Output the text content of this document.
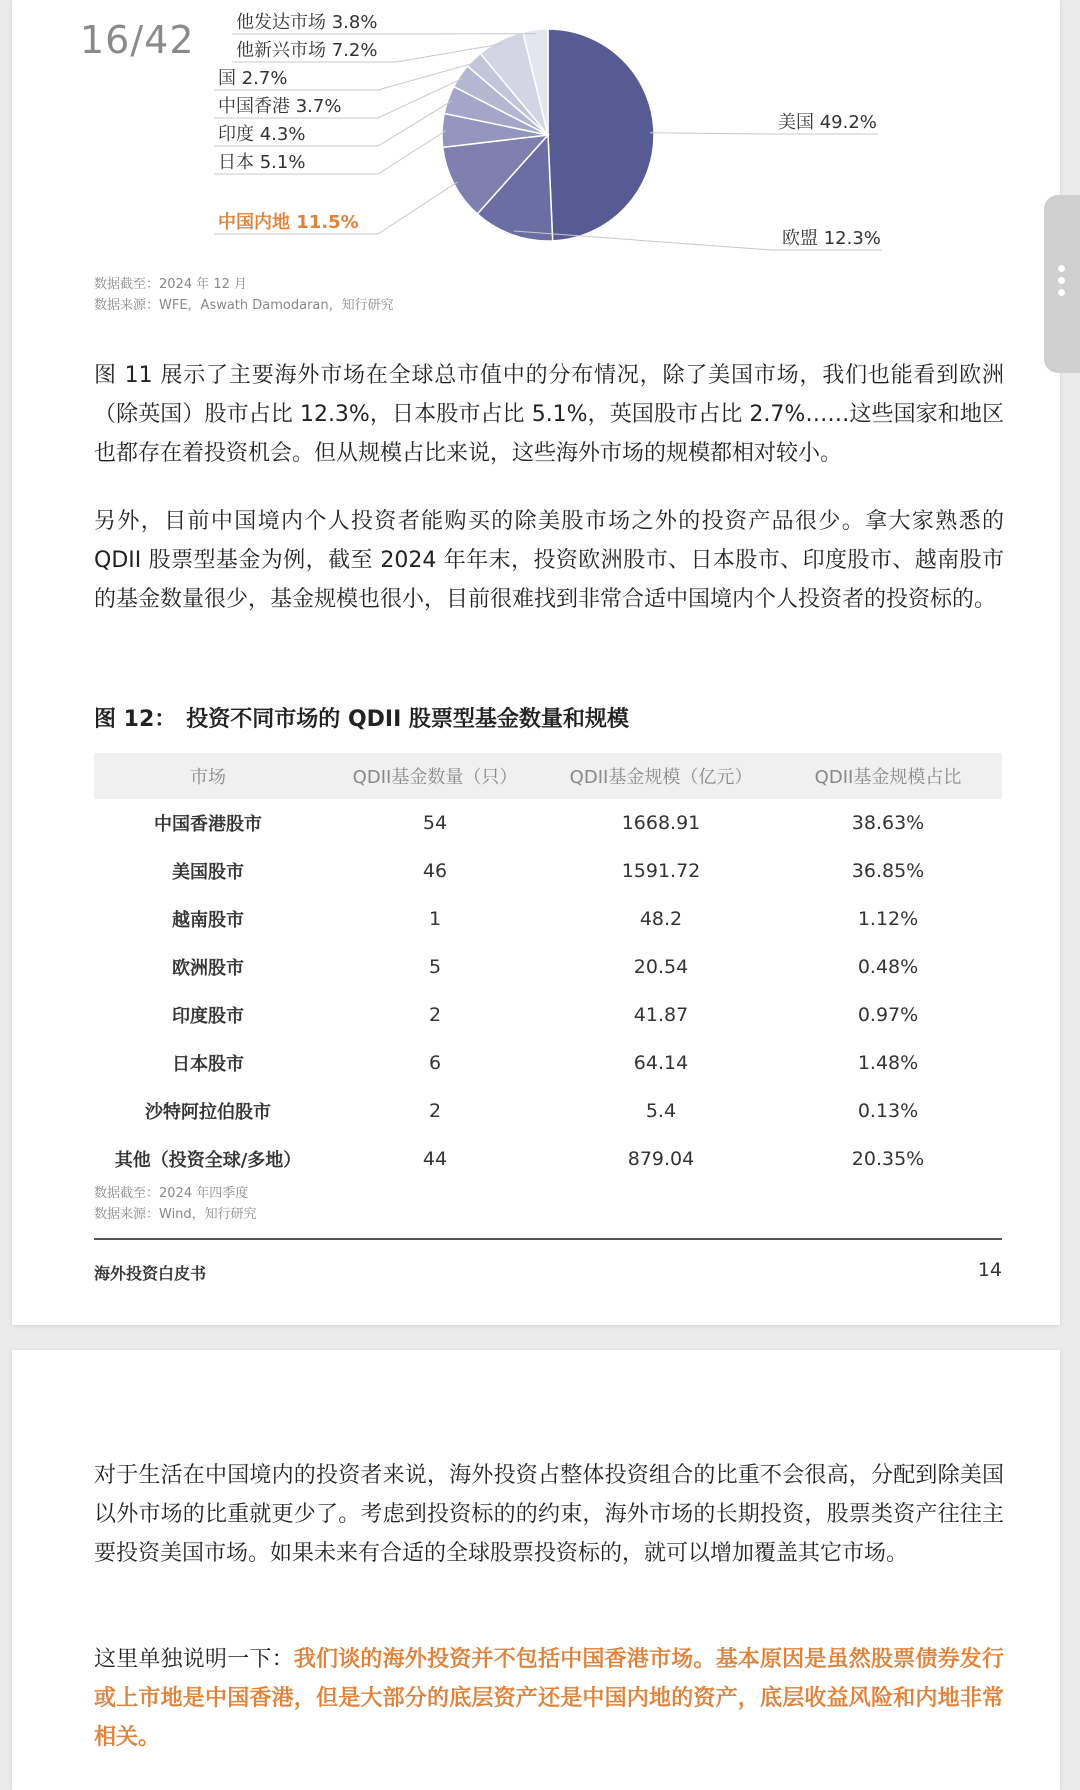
美国 49.2%
欧盟 12.3%
中国内地 11.5%
日本 5.1%
印度 4.3%
中国香港 3.7%
国 2.7%
他新兴市场 7.2%
他发达市场 3.8%
数据截至：2024 年 12 月
数据来源：WFE，Aswath Damodaran，知行研究

图 11 展示了主要海外市场在全球总市值中的分布情况，除了美国市场，我们也能看到欧洲（除英国）股市占比 12.3%，日本股市占比 5.1%，英国股市占比 2.7%……这些国家和地区也都存在着投资机会。但从规模占比来说，这些海外市场的规模都相对较小。

另外，目前中国境内个人投资者能购买的除美股市场之外的投资产品很少。拿大家熟悉的 QDII 股票型基金为例，截至 2024 年年末，投资欧洲股市、日本股市、印度股市、越南股市的基金数量很少，基金规模也很小，目前很难找到非常合适中国境内个人投资者的投资标的。

图 12： 投资不同市场的 QDII 股票型基金数量和规模
市场	QDII基金数量（只）	QDII基金规模（亿元）	QDII基金规模占比
中国香港股市	54	1668.91	38.63%
美国股市	46	1591.72	36.85%
越南股市	1	48.2	1.12%
欧洲股市	5	20.54	0.48%
印度股市	2	41.87	0.97%
日本股市	6	64.14	1.48%
沙特阿拉伯股市	2	5.4	0.13%
其他（投资全球/多地）	44	879.04	20.35%
数据截至：2024 年四季度
数据来源：Wind，知行研究
海外投资白皮书	14

对于生活在中国境内的投资者来说，海外投资占整体投资组合的比重不会很高，分配到除美国以外市场的比重就更少了。考虑到投资标的的约束，海外市场的长期投资，股票类资产往往主要投资美国市场。如果未来有合适的全球股票投资标的，就可以增加覆盖其它市场。

这里单独说明一下：我们谈的海外投资并不包括中国香港市场。基本原因是虽然股票债券发行或上市地是中国香港，但是大部分的底层资产还是中国内地的资产，底层收益风险和内地非常相关。

16/42
